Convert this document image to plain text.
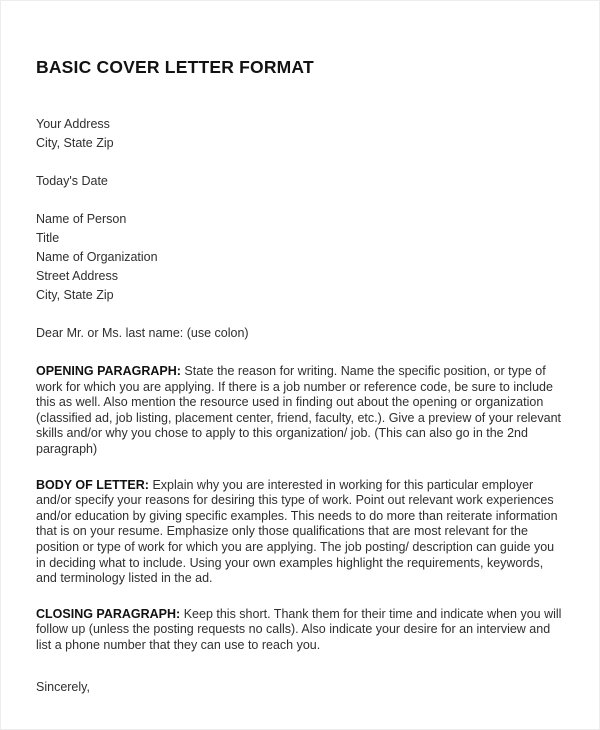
BASIC COVER LETTER FORMAT
Your Address
City, State Zip
Today's Date
Name of Person
Title
Name of Organization
Street Address
City, State Zip
Dear Mr. or Ms. last name: (use colon)

OPENING PARAGRAPH: State the reason for writing. Name the specific position, or type of work for which you are applying. If there is a job number or reference code, be sure to include this as well. Also mention the resource used in finding out about the opening or organization (classified ad, job listing, placement center, friend, faculty, etc.). Give a preview of your relevant skills and/or why you chose to apply to this organization/ job. (This can also go in the 2nd paragraph)

BODY OF LETTER: Explain why you are interested in working for this particular employer and/or specify your reasons for desiring this type of work. Point out relevant work experiences and/or education by giving specific examples. This needs to do more than reiterate information that is on your resume. Emphasize only those qualifications that are most relevant for the position or type of work for which you are applying. The job posting/ description can guide you in deciding what to include. Using your own examples highlight the requirements, keywords, and terminology listed in the ad.

CLOSING PARAGRAPH: Keep this short. Thank them for their time and indicate when you will follow up (unless the posting requests no calls). Also indicate your desire for an interview and list a phone number that they can use to reach you.

Sincerely,
